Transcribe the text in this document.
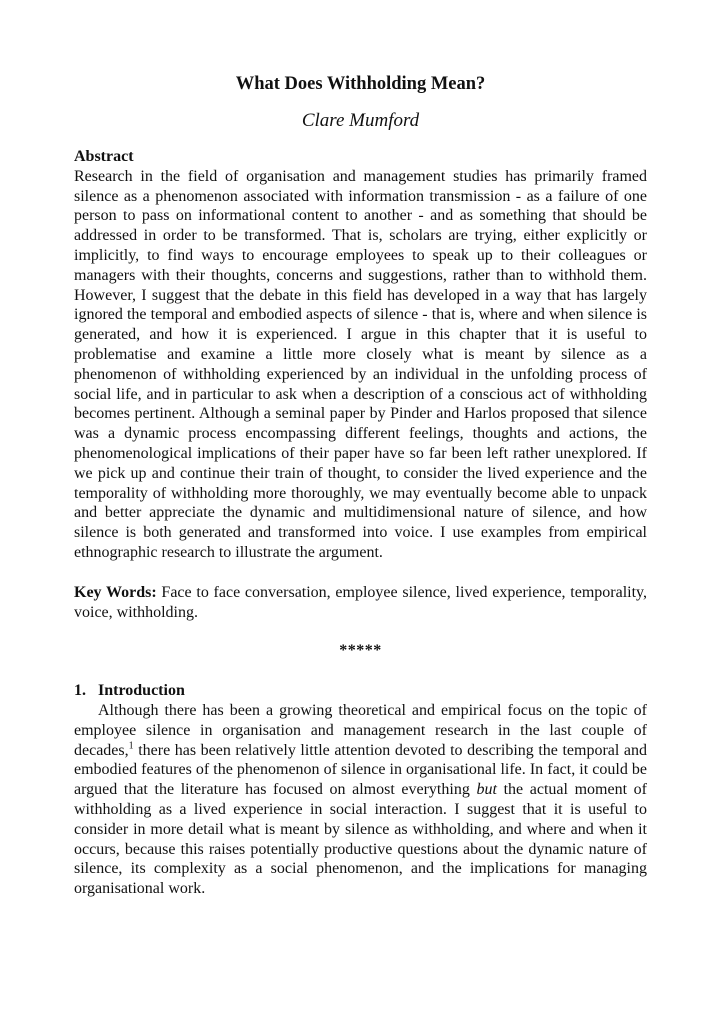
What Does Withholding Mean?
Clare Mumford
Abstract

Research in the field of organisation and management studies has primarily framed silence as a phenomenon associated with information transmission - as a failure of one person to pass on informational content to another - and as something that should be addressed in order to be transformed. That is, scholars are trying, either explicitly or implicitly, to find ways to encourage employees to speak up to their colleagues or managers with their thoughts, concerns and suggestions, rather than to withhold them. However, I suggest that the debate in this field has developed in a way that has largely ignored the temporal and embodied aspects of silence - that is, where and when silence is generated, and how it is experienced. I argue in this chapter that it is useful to problematise and examine a little more closely what is meant by silence as a phenomenon of withholding experienced by an individual in the unfolding process of social life, and in particular to ask when a description of a conscious act of withholding becomes pertinent. Although a seminal paper by Pinder and Harlos proposed that silence was a dynamic process encompassing different feelings, thoughts and actions, the phenomenological implications of their paper have so far been left rather unexplored. If we pick up and continue their train of thought, to consider the lived experience and the temporality of withholding more thoroughly, we may eventually become able to unpack and better appreciate the dynamic and multidimensional nature of silence, and how silence is both generated and transformed into voice. I use examples from empirical ethnographic research to illustrate the argument.

Key Words: Face to face conversation, employee silence, lived experience, temporality, voice, withholding.

*****
1. Introduction

Although there has been a growing theoretical and empirical focus on the topic of employee silence in organisation and management research in the last couple of decades,$^1$ there has been relatively little attention devoted to describing the temporal and embodied features of the phenomenon of silence in organisational life. In fact, it could be argued that the literature has focused on almost everything but the actual moment of withholding as a lived experience in social interaction. I suggest that it is useful to consider in more detail what is meant by silence as withholding, and where and when it occurs, because this raises potentially productive questions about the dynamic nature of silence, its complexity as a social phenomenon, and the implications for managing organisational work.
